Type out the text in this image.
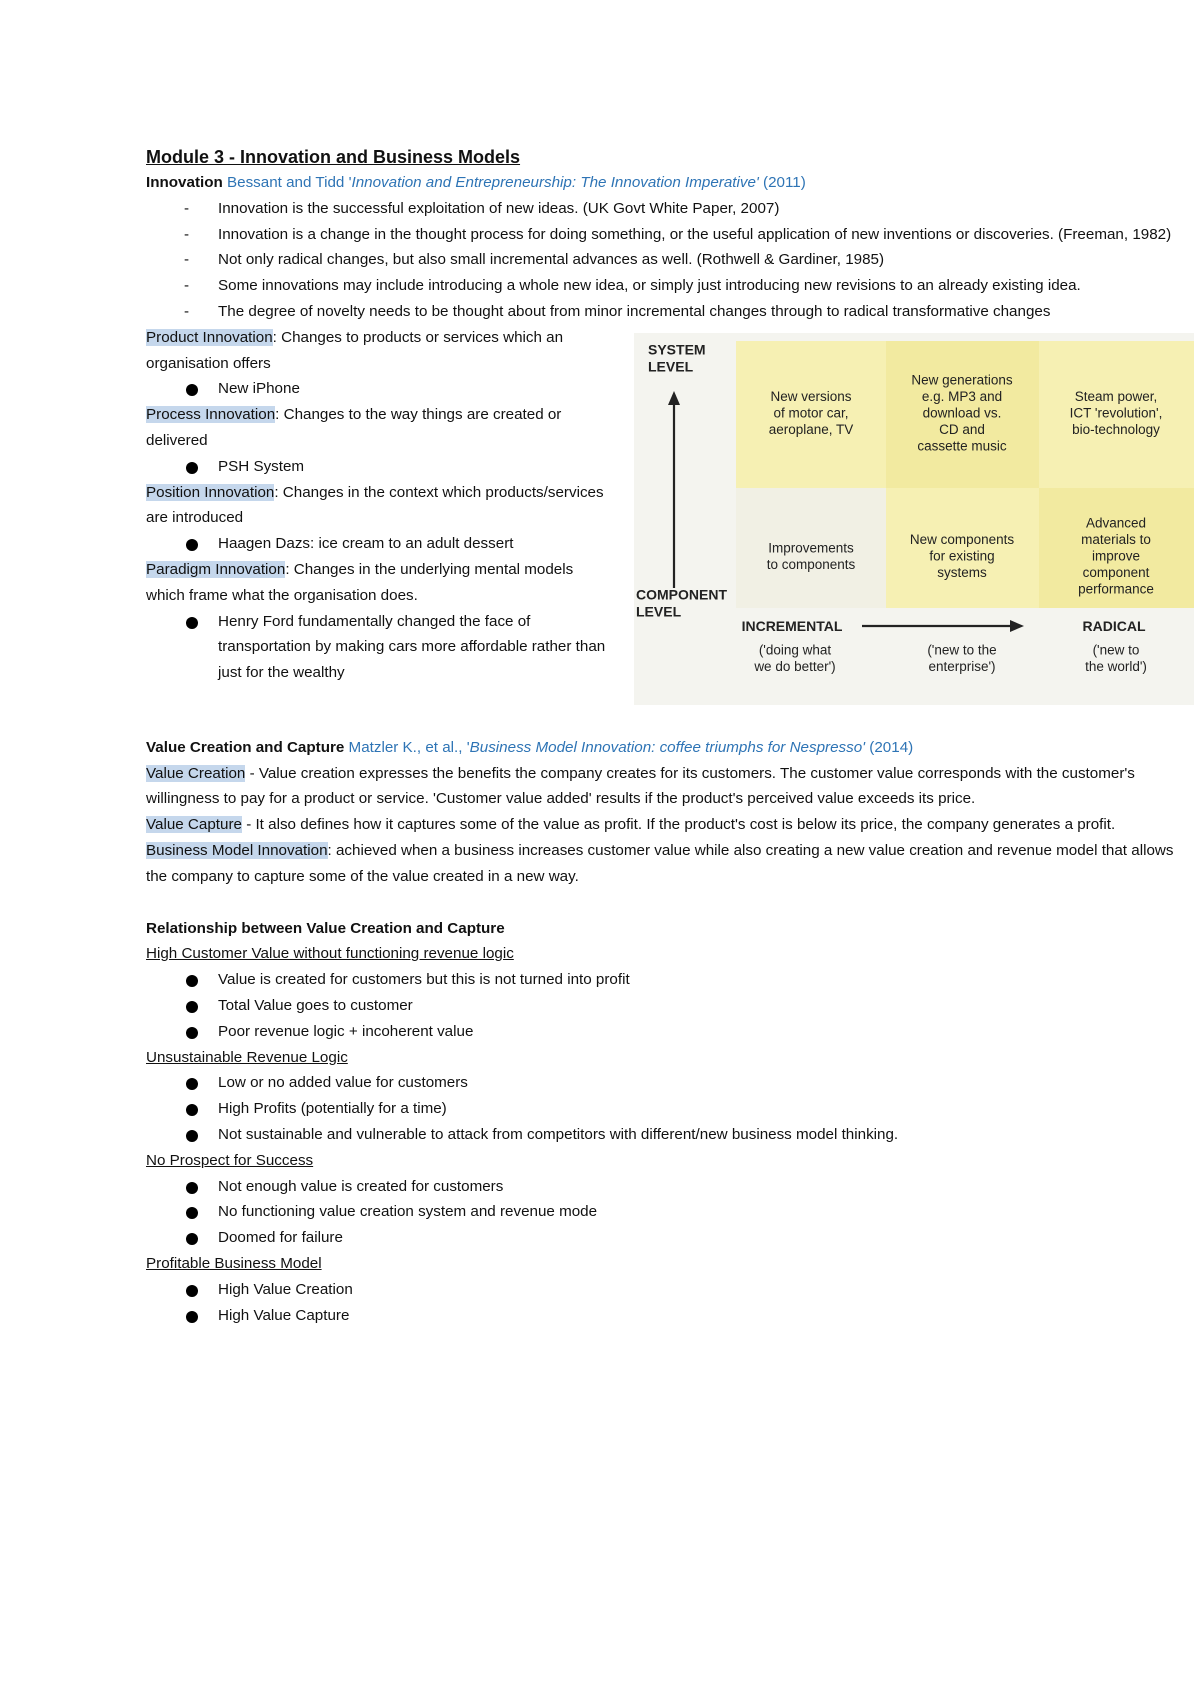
Module 3 - Innovation and Business Models

Innovation Bessant and Tidd 'Innovation and Entrepreneurship: The Innovation Imperative' (2011)

- Innovation is the successful exploitation of new ideas. (UK Govt White Paper, 2007)
- Innovation is a change in the thought process for doing something, or the useful application of new inventions or discoveries. (Freeman, 1982)
- Not only radical changes, but also small incremental advances as well. (Rothwell & Gardiner, 1985)
- Some innovations may include introducing a whole new idea, or simply just introducing new revisions to an already existing idea.
- The degree of novelty needs to be thought about from minor incremental changes through to radical transformative changes

Product Innovation: Changes to products or services which an organisation offers

New iPhone

Process Innovation: Changes to the way things are created or delivered

PSH System

Position Innovation: Changes in the context which products/services are introduced

Haagen Dazs: ice cream to an adult dessert

Paradigm Innovation: Changes in the underlying mental models which frame what the organisation does.

Henry Ford fundamentally changed the face of transportation by making cars more affordable rather than just for the wealthy
New versions
of motor car,
aeroplane, TV
New generations
e.g. MP3 and
download vs.
CD and
cassette music
Steam power,
ICT 'revolution',
bio-technology
Improvements
to components
New components
for existing
systems
Advanced
materials to
improve
component
performance
SYSTEM
LEVEL
COMPONENT
LEVEL
INCREMENTAL	RADICAL
('doing what
we do better')
('new to the
enterprise')
('new to
the world')

Value Creation and Capture Matzler K., et al., 'Business Model Innovation: coffee triumphs for Nespresso' (2014)

Value Creation - Value creation expresses the benefits the company creates for its customers. The customer value corresponds with the customer's willingness to pay for a product or service. 'Customer value added' results if the product's perceived value exceeds its price.

Value Capture - It also defines how it captures some of the value as profit. If the product's cost is below its price, the company generates a profit.

Business Model Innovation: achieved when a business increases customer value while also creating a new value creation and revenue model that allows the company to capture some of the value created in a new way.

Relationship between Value Creation and Capture

High Customer Value without functioning revenue logic

Value is created for customers but this is not turned into profit
Total Value goes to customer
Poor revenue logic + incoherent value

Unsustainable Revenue Logic

Low or no added value for customers
High Profits (potentially for a time)
Not sustainable and vulnerable to attack from competitors with different/new business model thinking.

No Prospect for Success

Not enough value is created for customers
No functioning value creation system and revenue mode
Doomed for failure

Profitable Business Model

High Value Creation
High Value Capture
